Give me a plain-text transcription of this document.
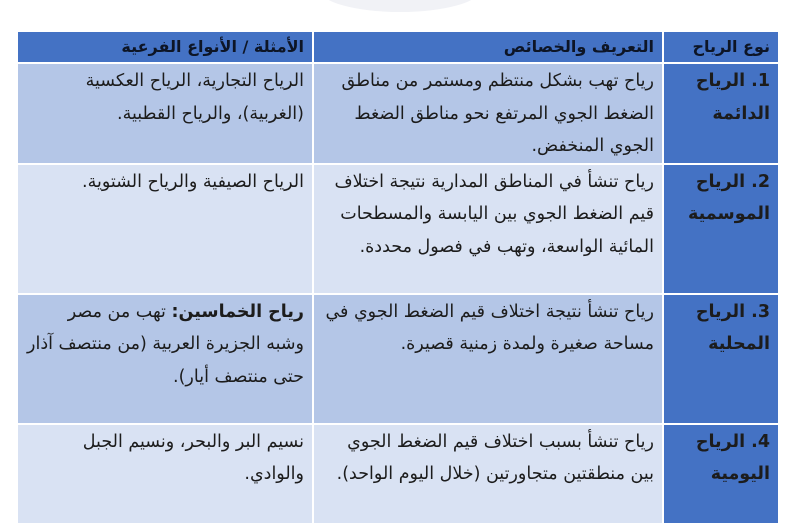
نوع الرياح	التعريف والخصائص	الأمثلة / الأنواع الفرعية
1. الرياح الدائمة	رياح تهب بشكل منتظم ومستمر من مناطق الضغط الجوي المرتفع نحو مناطق الضغط الجوي المنخفض.	الرياح التجارية، الرياح العكسية (الغربية)، والرياح القطبية.
2. الرياح الموسمية	رياح تنشأ في المناطق المدارية نتيجة اختلاف قيم الضغط الجوي بين اليابسة والمسطحات المائية الواسعة، وتهب في فصول محددة.	الرياح الصيفية والرياح الشتوية.
3. الرياح المحلية	رياح تنشأ نتيجة اختلاف قيم الضغط الجوي في مساحة صغيرة ولمدة زمنية قصيرة.	رياح الخماسين: تهب من مصر وشبه الجزيرة العربية (من منتصف آذار حتى منتصف أيار).
4. الرياح اليومية	رياح تنشأ بسبب اختلاف قيم الضغط الجوي بين منطقتين متجاورتين (خلال اليوم الواحد).	نسيم البر والبحر، ونسيم الجبل والوادي.
